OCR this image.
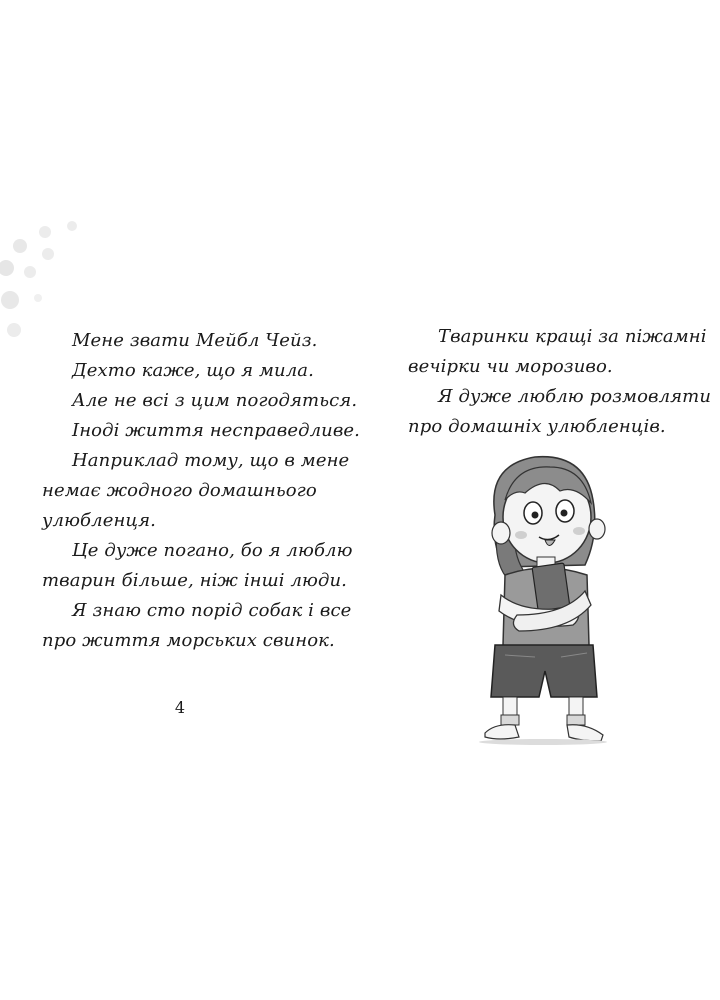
Мене звати Мейбл Чейз.
Дехто каже, що я мила.
Але не всі з цим погодяться.
Іноді життя несправедливе.
Наприклад тому, що в мене
немає жодного домашнього
улюбленця.
Це дуже погано, бо я люблю
тварин більше, ніж інші люди.
Я знаю сто порід собак і все
про життя морських свинок.
4
Тваринки кращі за піжамні
вечірки чи морозиво.
Я дуже люблю розмовляти
про домашніх улюбленців.
